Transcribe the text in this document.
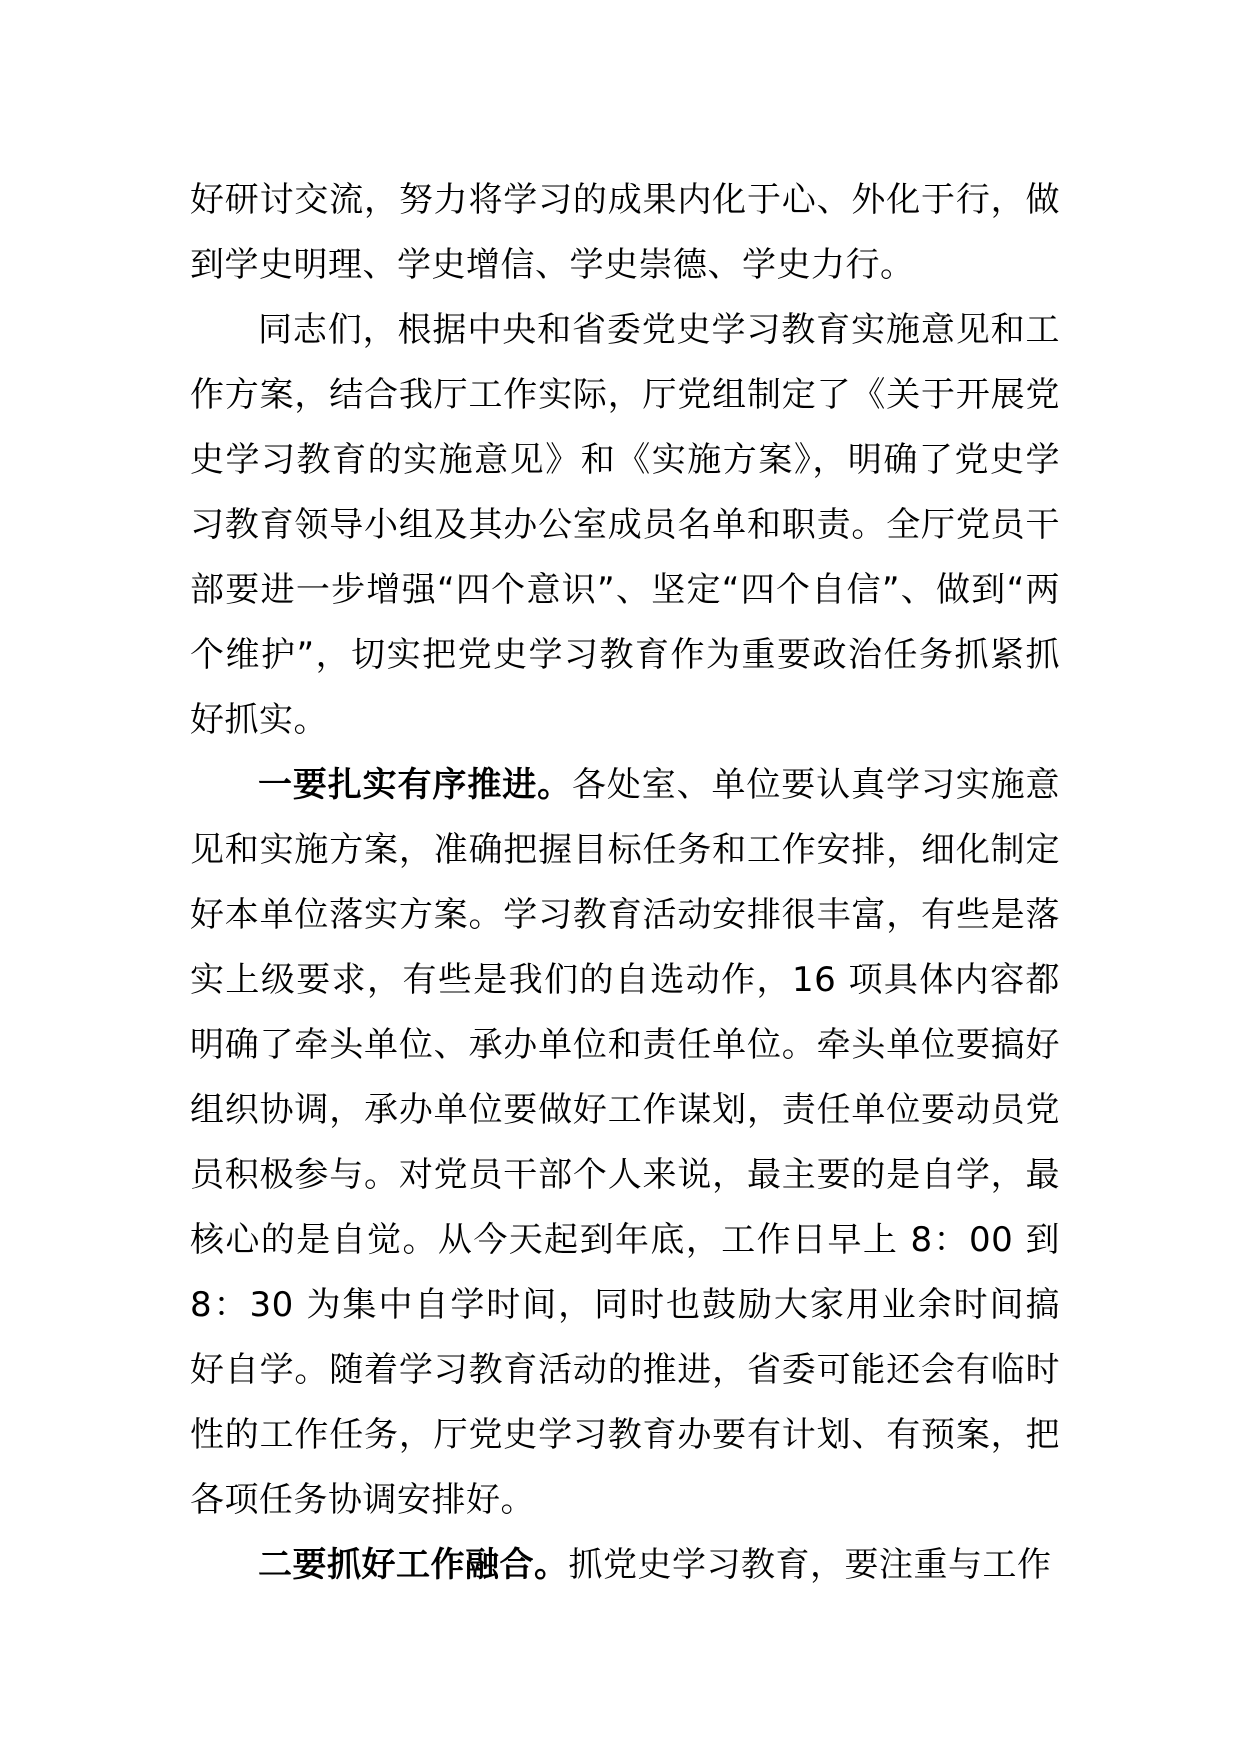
好研讨交流，努力将学习的成果内化于心、外化于行，做到学史明理、学史增信、学史崇德、学史力行。

同志们，根据中央和省委党史学习教育实施意见和工作方案，结合我厅工作实际，厅党组制定了《关于开展党史学习教育的实施意见》和《实施方案》，明确了党史学习教育领导小组及其办公室成员名单和职责。全厅党员干部要进一步增强“四个意识”、坚定“四个自信”、做到“两个维护”，切实把党史学习教育作为重要政治任务抓紧抓好抓实。

一要扎实有序推进。各处室、单位要认真学习实施意见和实施方案，准确把握目标任务和工作安排，细化制定好本单位落实方案。学习教育活动安排很丰富，有些是落实上级要求，有些是我们的自选动作，16 项具体内容都明确了牵头单位、承办单位和责任单位。牵头单位要搞好组织协调，承办单位要做好工作谋划，责任单位要动员党员积极参与。对党员干部个人来说，最主要的是自学，最核心的是自觉。从今天起到年底，工作日早上 8：00 到 8：30 为集中自学时间，同时也鼓励大家用业余时间搞好自学。随着学习教育活动的推进，省委可能还会有临时性的工作任务，厅党史学习教育办要有计划、有预案，把各项任务协调安排好。

二要抓好工作融合。抓党史学习教育，要注重与工作
